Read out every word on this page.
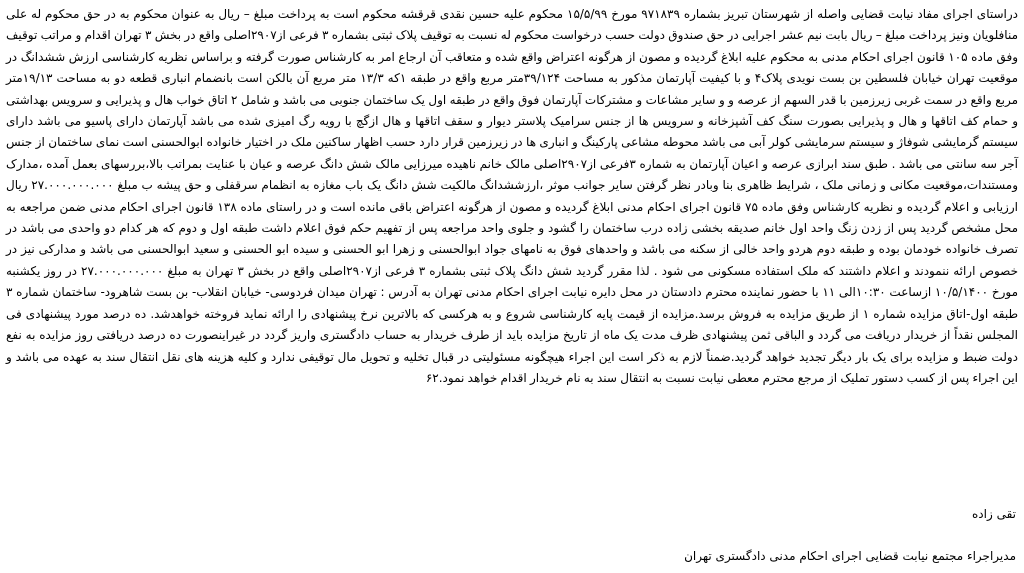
دراستای اجرای مفاد نیابت قضایی واصله از شهرستان تبریز بشماره ۹۷۱۸۳۹ مورخ ۱۵/۵/۹۹ محکوم علیه حسین نقدی قرقشه محکوم است به پرداخت مبلغ – ریال به عنوان محکوم به در حق محکوم له علی منافلویان ونیز پرداخت مبلغ – ریال بابت نیم عشر اجرایی در حق صندوق دولت حسب درخواست محکوم له نسبت به توقیف پلاک ثبتی بشماره ۳ فرعی از۲۹۰۷اصلی واقع در بخش ۳ تهران اقدام و مراتب توقیف وفق ماده ۱۰۵ قانون اجرای احکام مدنی به محکوم علیه ابلاغ گردیده و مصون از هرگونه اعتراض واقع شده و متعاقب آن ارجاع امر به کارشناس صورت گرفته و براساس نظریه کارشناسی ارزش ششدانگ در موقعیت تهران خیابان فلسطین بن بست نویدی پلاک۴ و با کیفیت آپارتمان مذکور به مساحت ۳۹/۱۲۴متر مربع واقع در طبقه ۱که ۱۳/۳ متر مربع آن بالکن است بانضمام انباری قطعه دو به مساحت ۱۹/۱۳متر مربع واقع در سمت غربی زیرزمین با قدر السهم از عرصه و و سایر مشاعات و مشترکات آپارتمان فوق واقع در طبقه اول یک ساختمان جنوبی می باشد و شامل ۲ اتاق خواب هال و پذیرایی و سرویس بهداشتی و حمام کف اتاقها و هال و پذیرایی بصورت سنگ کف آشپزخانه و سرویس ها از جنس سرامیک پلاستر دیوار و سقف اتاقها و هال ازگچ با رویه رگ امیزی شده می باشد آپارتمان دارای پاسیو می باشد دارای سیستم گرمایشی شوفاژ و سیستم سرمایشی کولر آبی می باشد محوطه مشاعی پارکینگ و انباری ها در زیرزمین قرار دارد حسب اظهار ساکنین ملک در اختیار خانواده ابوالحسنی است نمای ساختمان از جنس آجر سه سانتی می باشد . طبق سند ابرازی عرصه و اعیان آپارتمان به شماره ۳فرعی از۲۹۰۷اصلی مالک خانم ناهیده میرزایی مالک شش دانگ عرصه و عیان با عنایت بمراتب بالا،بررسهای بعمل آمده ،مدارک ومستندات،موقعیت مکانی و زمانی ملک ، شرایط ظاهری بنا وبادر نظر گرفتن سایر جوانب موثر ،ارزششدانگ مالکیت شش دانگ یک باب مغازه به انظمام سرقفلی و حق پیشه ب مبلغ ۲۷.۰۰۰.۰۰۰.۰۰۰ ریال ارزیابی و اعلام گردیده و نظریه کارشناس وفق ماده ۷۵ قانون اجرای احکام مدنی ابلاغ گردیده و مصون از هرگونه اعتراض باقی مانده است و در راستای ماده ۱۳۸ قانون اجرای احکام مدنی ضمن مراجعه به محل مشخص گردید پس از زدن زنگ واحد اول خانم صدیقه بخشی زاده درب ساختمان را گشود و جلوی واحد مراجعه پس از تفهیم حکم فوق اعلام داشت طبقه اول و دوم که هر کدام دو واحدی می باشد در تصرف خانواده خودمان بوده و طبقه دوم هردو واحد خالی از سکنه می باشد و واحدهای فوق به نامهای جواد ابوالحسنی و زهرا ابو الحسنی و سیده ابو الحسنی و سعید ابوالحسنی می باشد و مدارکی نیز در خصوص ارائه ننمودند و اعلام داشتند که ملک استفاده مسکونی می شود . لذا مقرر گردید شش دانگ پلاک ثبتی بشماره ۳ فرعی از۲۹۰۷اصلی واقع در بخش ۳ تهران به مبلغ ۲۷.۰۰۰.۰۰۰.۰۰۰ در روز یکشنبه مورخ ۱۰/۵/۱۴۰۰ ازساعت ۱۰:۳۰الی ۱۱ با حضور نماینده محترم دادستان در محل دایره نیابت اجرای احکام مدنی تهران به آدرس : تهران میدان فردوسی- خیابان انقلاب- بن بست شاهرود- ساختمان شماره ۳ طبقه اول-اتاق مزایده شماره ۱ از طریق مزایده به فروش برسد.مزایده از قیمت پایه کارشناسی شروع و به هرکسی که بالاترین نرخ پیشنهادی را ارائه نماید فروخته خواهدشد. ده درصد مورد پیشنهادی فی المجلس نقداً از خریدار دریافت می گردد و الباقی ثمن پیشنهادی ظرف مدت یک ماه از تاریخ مزایده باید از طرف خریدار به حساب دادگستری واریز گردد در غیراینصورت ده درصد دریافتی روز مزایده به نفع دولت ضبط و مزایده برای یک بار دیگر تجدید خواهد گردید.ضمناً لازم به ذکر است این اجراء هیچگونه مسئولیتی در قبال تخلیه و تحویل مال توقیفی ندارد و کلیه هزینه های نقل انتقال سند به عهده می باشد و این اجراء پس از کسب دستور تملیک از مرجع محترم معطی نیابت نسبت به انتقال سند به نام خریدار اقدام خواهد نمود.۶۲

تقی زاده

مدیراجراء مجتمع نیابت قضایی اجرای احکام مدنی دادگستری تهران
